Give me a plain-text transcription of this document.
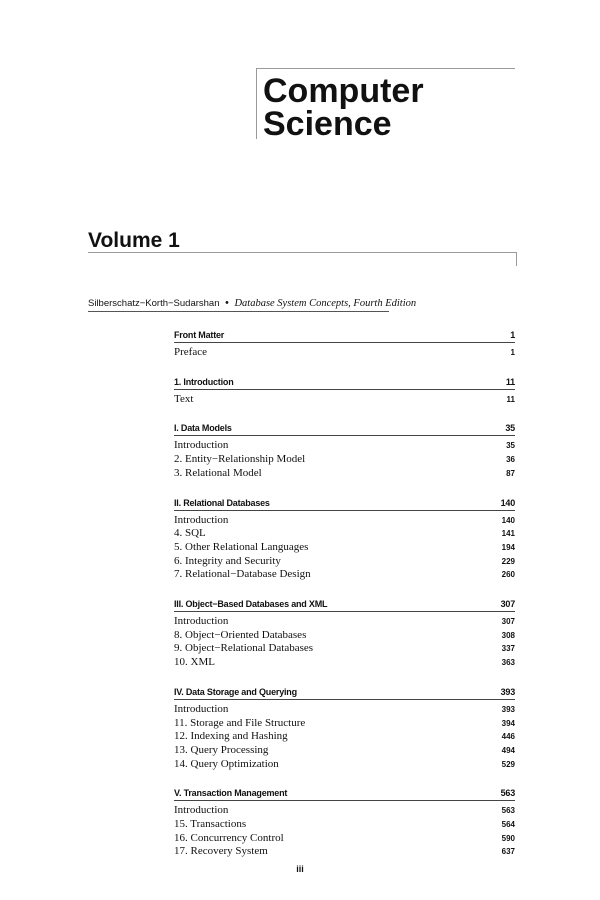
Computer
Science
Volume 1
Silberschatz−Korth−Sudarshan • Database System Concepts, Fourth Edition
Front Matter	1
Preface	1
1. Introduction	11
Text	11
I. Data Models	35
Introduction	35
2. Entity−Relationship Model	36
3. Relational Model	87
II. Relational Databases	140
Introduction	140
4. SQL	141
5. Other Relational Languages	194
6. Integrity and Security	229
7. Relational−Database Design	260
III. Object−Based Databases and XML	307
Introduction	307
8. Object−Oriented Databases	308
9. Object−Relational Databases	337
10. XML	363
IV. Data Storage and Querying	393
Introduction	393
11. Storage and File Structure	394
12. Indexing and Hashing	446
13. Query Processing	494
14. Query Optimization	529
V. Transaction Management	563
Introduction	563
15. Transactions	564
16. Concurrency Control	590
17. Recovery System	637
iii
